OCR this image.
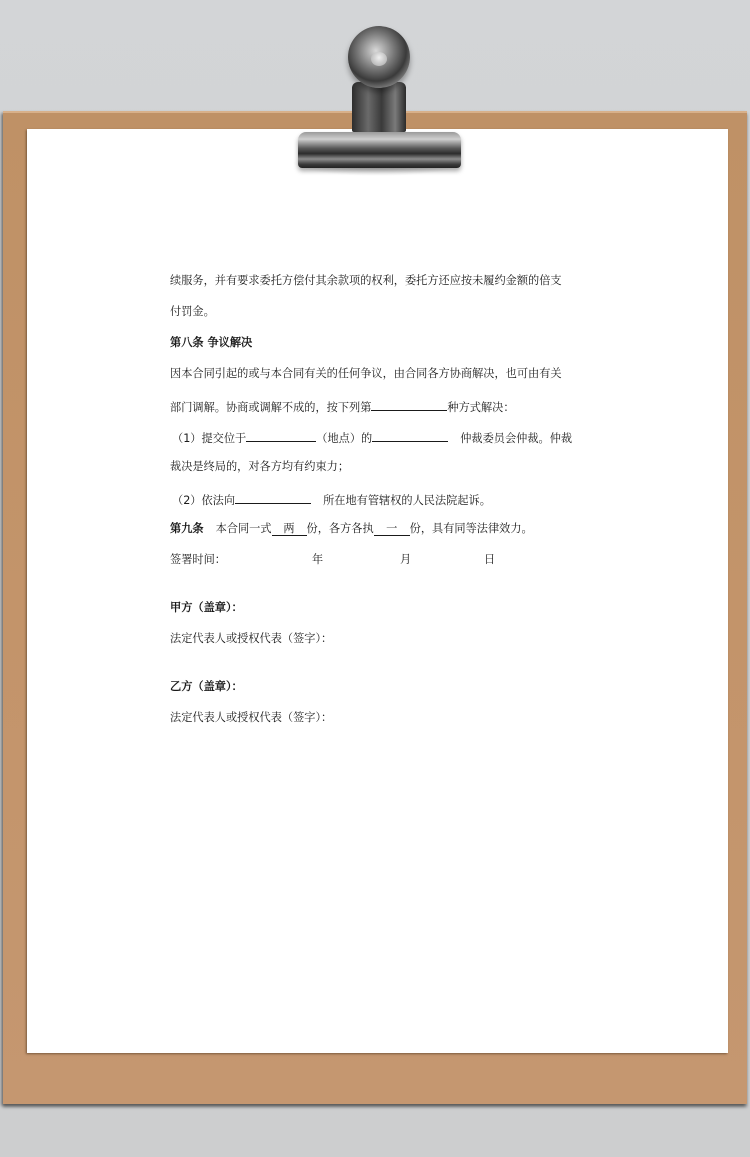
续服务，并有要求委托方偿付其余款项的权利，委托方还应按未履约金额的倍支
付罚金。
第八条 争议解决
因本合同引起的或与本合同有关的任何争议，由合同各方协商解决，也可由有关
部门调解。协商或调解不成的，按下列第	种方式解决：
（1）提交位于	（地点）的	仲裁委员会仲裁。仲裁
裁决是终局的，对各方均有约束力；
（2）依法向	所在地有管辖权的人民法院起诉。
第九条 本合同一式 两 份，各方各执 一 份，具有同等法律效力。
签署时间：	年	月	日
甲方（盖章）：
法定代表人或授权代表（签字）：
乙方（盖章）：
法定代表人或授权代表（签字）：
